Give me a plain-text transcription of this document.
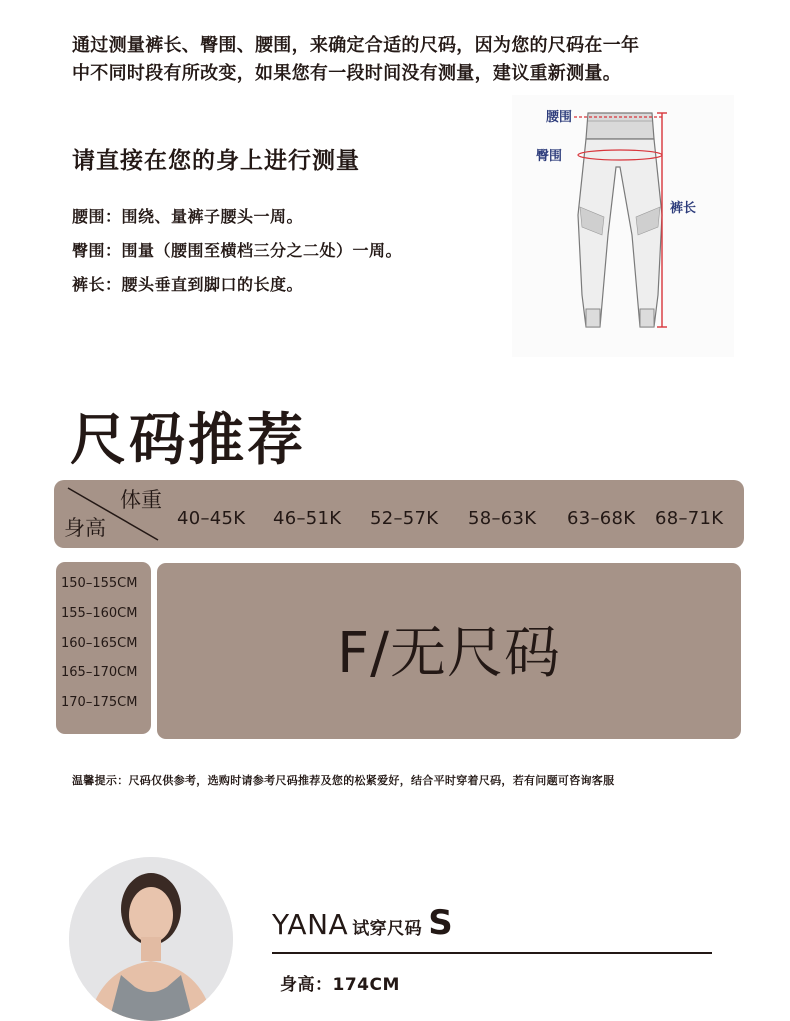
通过测量裤长、臀围、腰围，来确定合适的尺码，因为您的尺码在一年
中不同时段有所改变，如果您有一段时间没有测量，建议重新测量。
请直接在您的身上进行测量
腰围：围绕、量裤子腰头一周。
臀围：围量（腰围至横档三分之二处）一周。
裤长：腰头垂直到脚口的长度。
腰围
臀围
裤长
尺码推荐
体重
身高	40–45K 46–51K 52–57K 58–63K 63–68K 68–71K
150–155CM
155–160CM
160–165CM
165–170CM
170–175CM
F/无尺码
温馨提示：尺码仅供参考，选购时请参考尺码推荐及您的松紧爱好，结合平时穿着尺码，若有问题可咨询客服
YANA 试穿尺码 S
身高：174CM
